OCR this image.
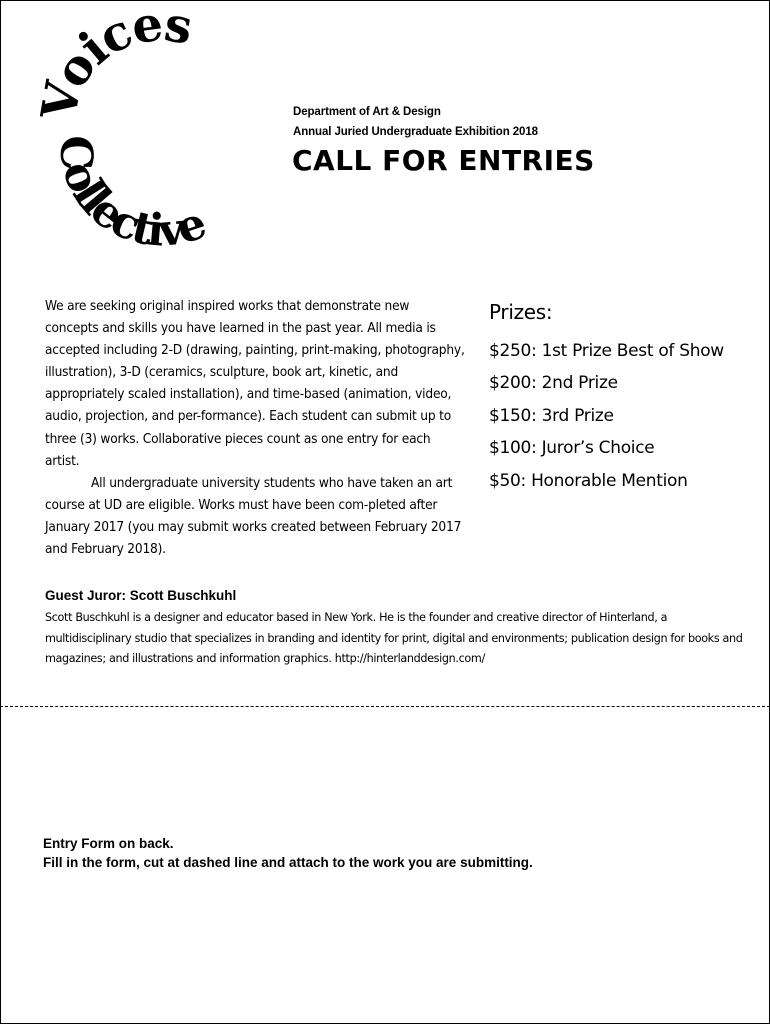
Voices
Collective
Department of Art & Design
Annual Juried Undergraduate Exhibition 2018
CALL FOR ENTRIES

We are seeking original inspired works that demonstrate new concepts and skills you have learned in the past year. All media is accepted including 2-D (drawing, painting, print-making, photography, illustration), 3-D (ceramics, sculpture, book art, kinetic, and appropriately scaled installation), and time-based (animation, video, audio, projection, and per-formance). Each student can submit up to three (3) works. Collaborative pieces count as one entry for each artist.

All undergraduate university students who have taken an art course at UD are eligible. Works must have been com-pleted after January 2017 (you may submit works created between February 2017 and February 2018).

Prizes:
$250: 1st Prize Best of Show
$200: 2nd Prize
$150: 3rd Prize
$100: Juror’s Choice
$50: Honorable Mention
Guest Juror: Scott Buschkuhl
Scott Buschkuhl is a designer and educator based in New York. He is the founder and creative director of Hinterland, a multidisciplinary studio that specializes in branding and identity for print, digital and environments; publication design for books and magazines; and illustrations and information graphics. http://hinterlanddesign.com/
Entry Form on back.
Fill in the form, cut at dashed line and attach to the work you are submitting.
